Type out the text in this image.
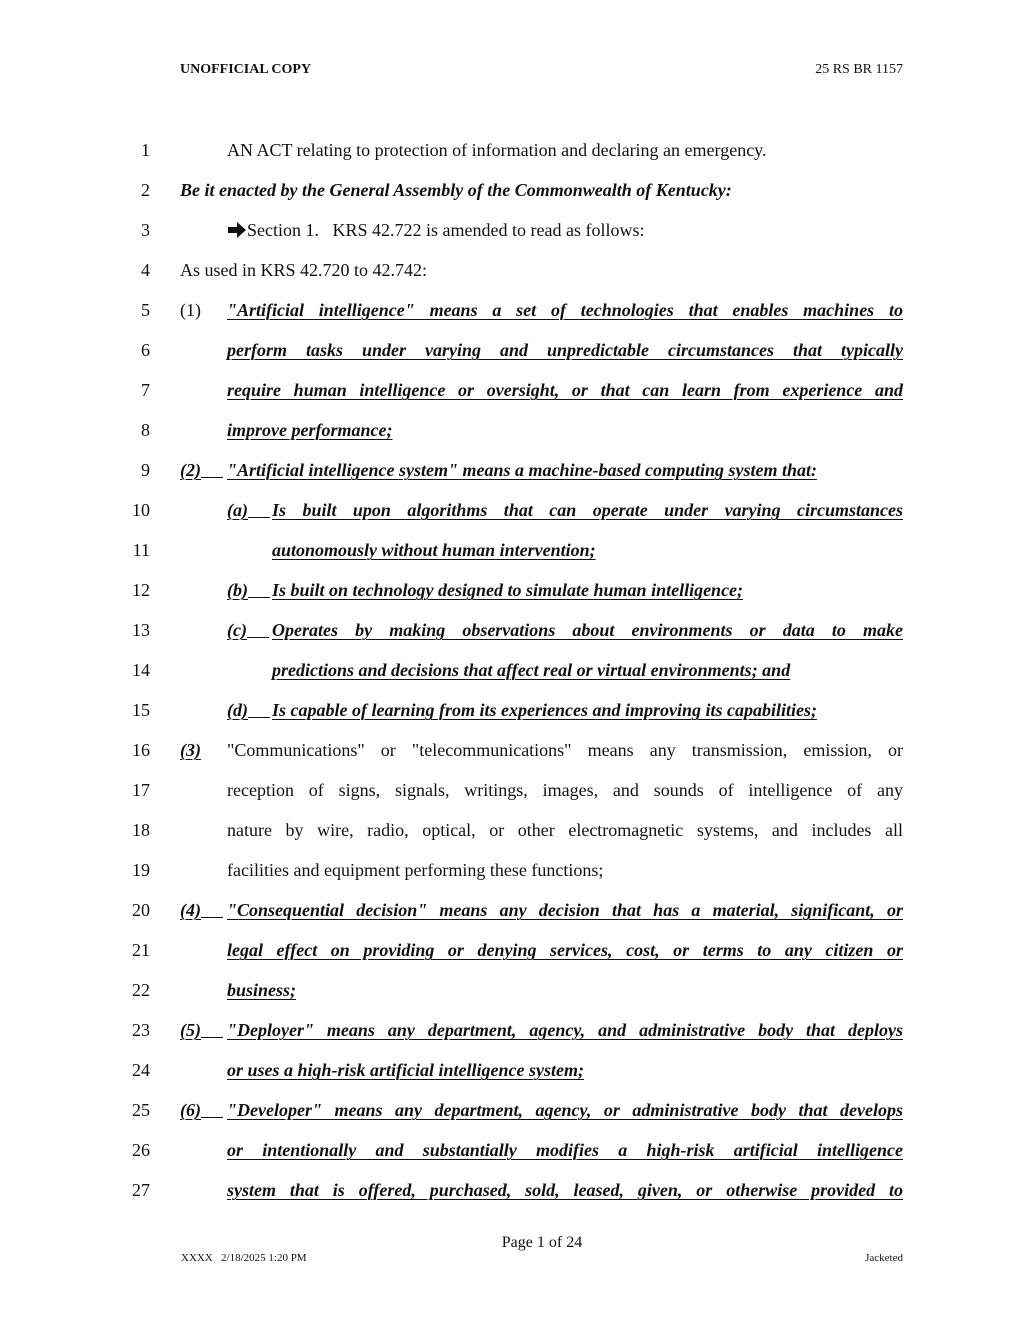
UNOFFICIAL COPY	25 RS BR 1157
1	AN ACT relating to protection of information and declaring an emergency.
2 Be it enacted by the General Assembly of the Commonwealth of Kentucky:
3	Section 1.   KRS 42.722 is amended to read as follows:
4 As used in KRS 42.720 to 42.742:
5 (1) "Artificial intelligence" means a set of technologies that enables machines to
6	perform tasks under varying and unpredictable circumstances that typically
7	require human intelligence or oversight, or that can learn from experience and
8	improve performance;
9 (2)	"Artificial intelligence system" means a machine-based computing system that:
10	(a)	Is built upon algorithms that can operate under varying circumstances
11	autonomously without human intervention;
12	(b)	Is built on technology designed to simulate human intelligence;
13	(c)	Operates by making observations about environments or data to make
14	predictions and decisions that affect real or virtual environments; and
15	(d)	Is capable of learning from its experiences and improving its capabilities;
16 (3) "Communications" or "telecommunications" means any transmission, emission, or
17	reception of signs, signals, writings, images, and sounds of intelligence of any
18	nature by wire, radio, optical, or other electromagnetic systems, and includes all
19	facilities and equipment performing these functions;
20 (4)	"Consequential decision" means any decision that has a material, significant, or
21	legal effect on providing or denying services, cost, or terms to any citizen or
22	business;
23 (5)	"Deployer" means any department, agency, and administrative body that deploys
24	or uses a high-risk artificial intelligence system;
25 (6)	"Developer" means any department, agency, or administrative body that develops
26	or intentionally and substantially modifies a high-risk artificial intelligence
27	system that is offered, purchased, sold, leased, given, or otherwise provided to
Page 1 of 24
XXXX   2/18/2025 1:20 PM	Jacketed
